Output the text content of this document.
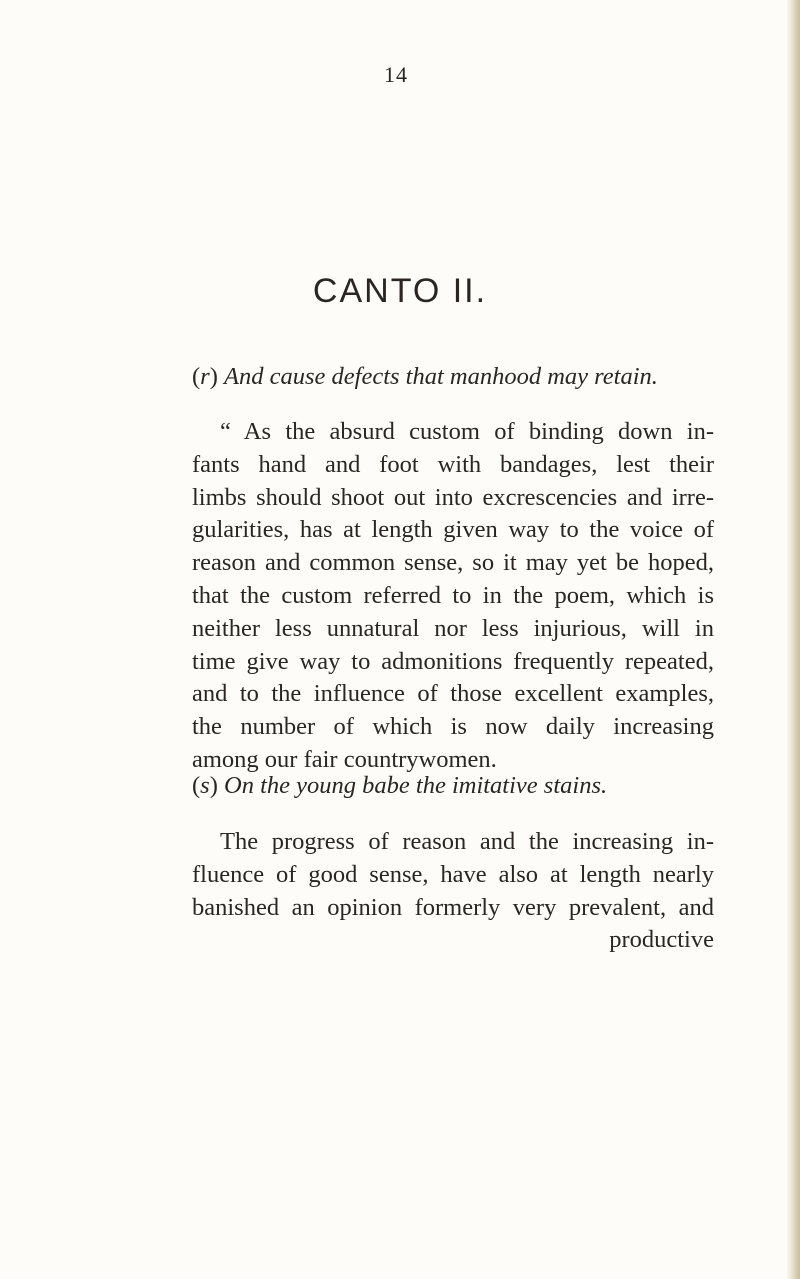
14
CANTO II.
(r) And cause defects that manhood may retain.
“ As the absurd custom of binding down in-
fants hand and foot with bandages, lest their
limbs should shoot out into excrescencies and irre-
gularities, has at length given way to the voice of
reason and common sense, so it may yet be hoped,
that the custom referred to in the poem, which is
neither less unnatural nor less injurious, will in
time give way to admonitions frequently repeated,
and to the influence of those excellent examples,
the number of which is now daily increasing
among our fair countrywomen.
(s) On the young babe the imitative stains.
The progress of reason and the increasing in-
fluence of good sense, have also at length nearly
banished an opinion formerly very prevalent, and
productive
